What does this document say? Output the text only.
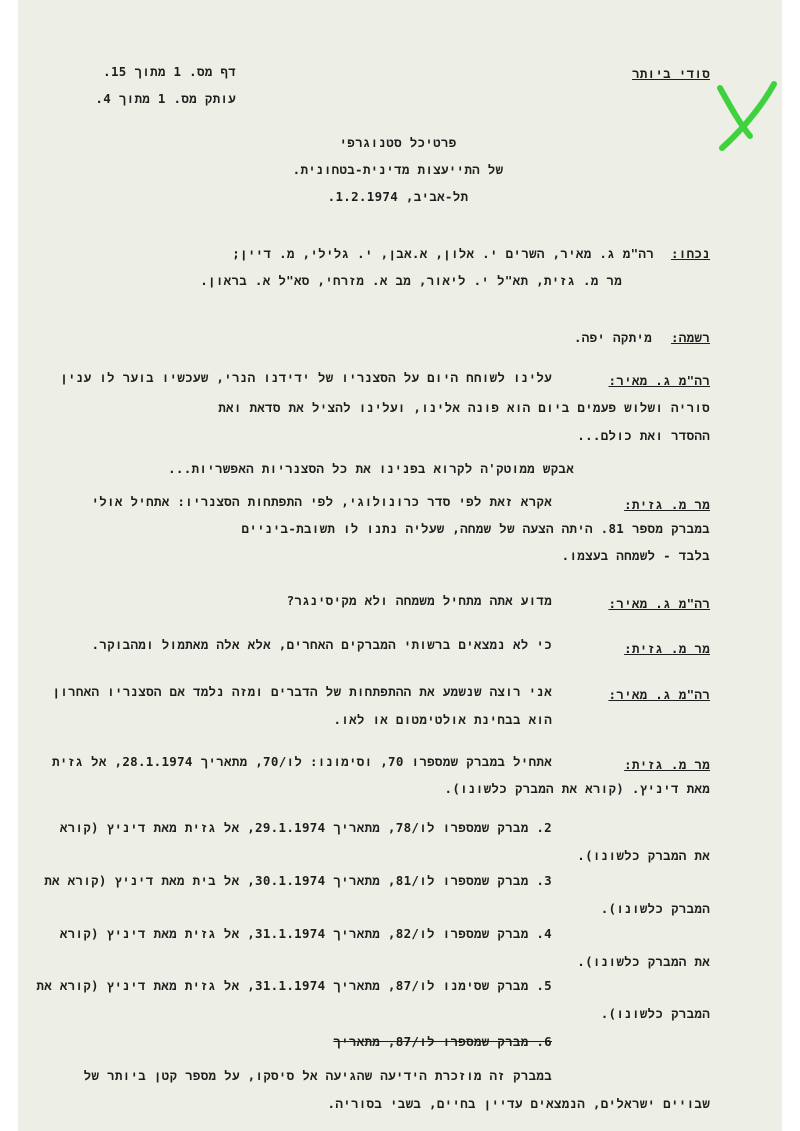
סודי ביותר
דף מס. 1 מתוך 15.
עותק מס. 1 מתוך 4.
פרטיכל סטנוגרפי
של התייעצות מדינית-בטחונית.
תל-אביב, 1.2.1974.
נכחו:
רה"מ ג. מאיר, השרים י. אלון, א.אבן, י. גלילי, מ. דיין;
מר מ. גזית, תא"ל י. ליאור, מב א. מזרחי, סא"ל א. בראון.
רשמה:
מיתקה יפה.
רה"מ ג. מאיר:
עלינו לשוחח היום על הסצנריו של ידידנו הנרי, שעכשיו בוער לו ענין
סוריה ושלוש פעמים ביום הוא פונה אלינו, ועלינו להציל את סדאת ואת
ההסדר ואת כולם...
אבקש ממוטק'ה לקרוא בפנינו את כל הסצנריות האפשריות...
מר מ. גזית:
אקרא זאת לפי סדר כרונולוגי, לפי התפתחות הסצנריו: אתחיל אולי
במברק מספר 81. היתה הצעה של שמחה, שעליה נתנו לו תשובת-ביניים
בלבד - לשמחה בעצמו.
רה"מ ג. מאיר:
מדוע אתה מתחיל משמחה ולא מקיסינגר?
מר מ. גזית:
כי לא נמצאים ברשותי המברקים האחרים, אלא אלה מאתמול ומהבוקר.
רה"מ ג. מאיר:
אני רוצה שנשמע את ההתפתחות של הדברים ומזה נלמד אם הסצנריו האחרון
הוא בבחינת אולטימטום או לאו.
מר מ. גזית:
אתחיל במברק שמספרו 70, וסימונו: לו/70, מתאריך 28.1.1974, אל גזית
מאת דיניץ. (קורא את המברק כלשונו).
2. מברק שמספרו לו/78, מתאריך 29.1.1974, אל גזית מאת דיניץ (קורא
את המברק כלשונו).
3. מברק שמספרו לו/81, מתאריך 30.1.1974, אל בית מאת דיניץ (קורא את
המברק כלשונו).
4. מברק שמספרו לו/82, מתאריך 31.1.1974, אל גזית מאת דיניץ (קורא
את המברק כלשונו).
5. מברק שסימנו לו/87, מתאריך 31.1.1974, אל גזית מאת דיניץ (קורא את
המברק כלשונו).
6. מברק שמספרו לו/87, מתאריך
במברק זה מוזכרת הידיעה שהגיעה אל סיסקו, על מספר קטן ביותר של
שבויים ישראלים, הנמצאים עדיין בחיים, בשבי בסוריה.
